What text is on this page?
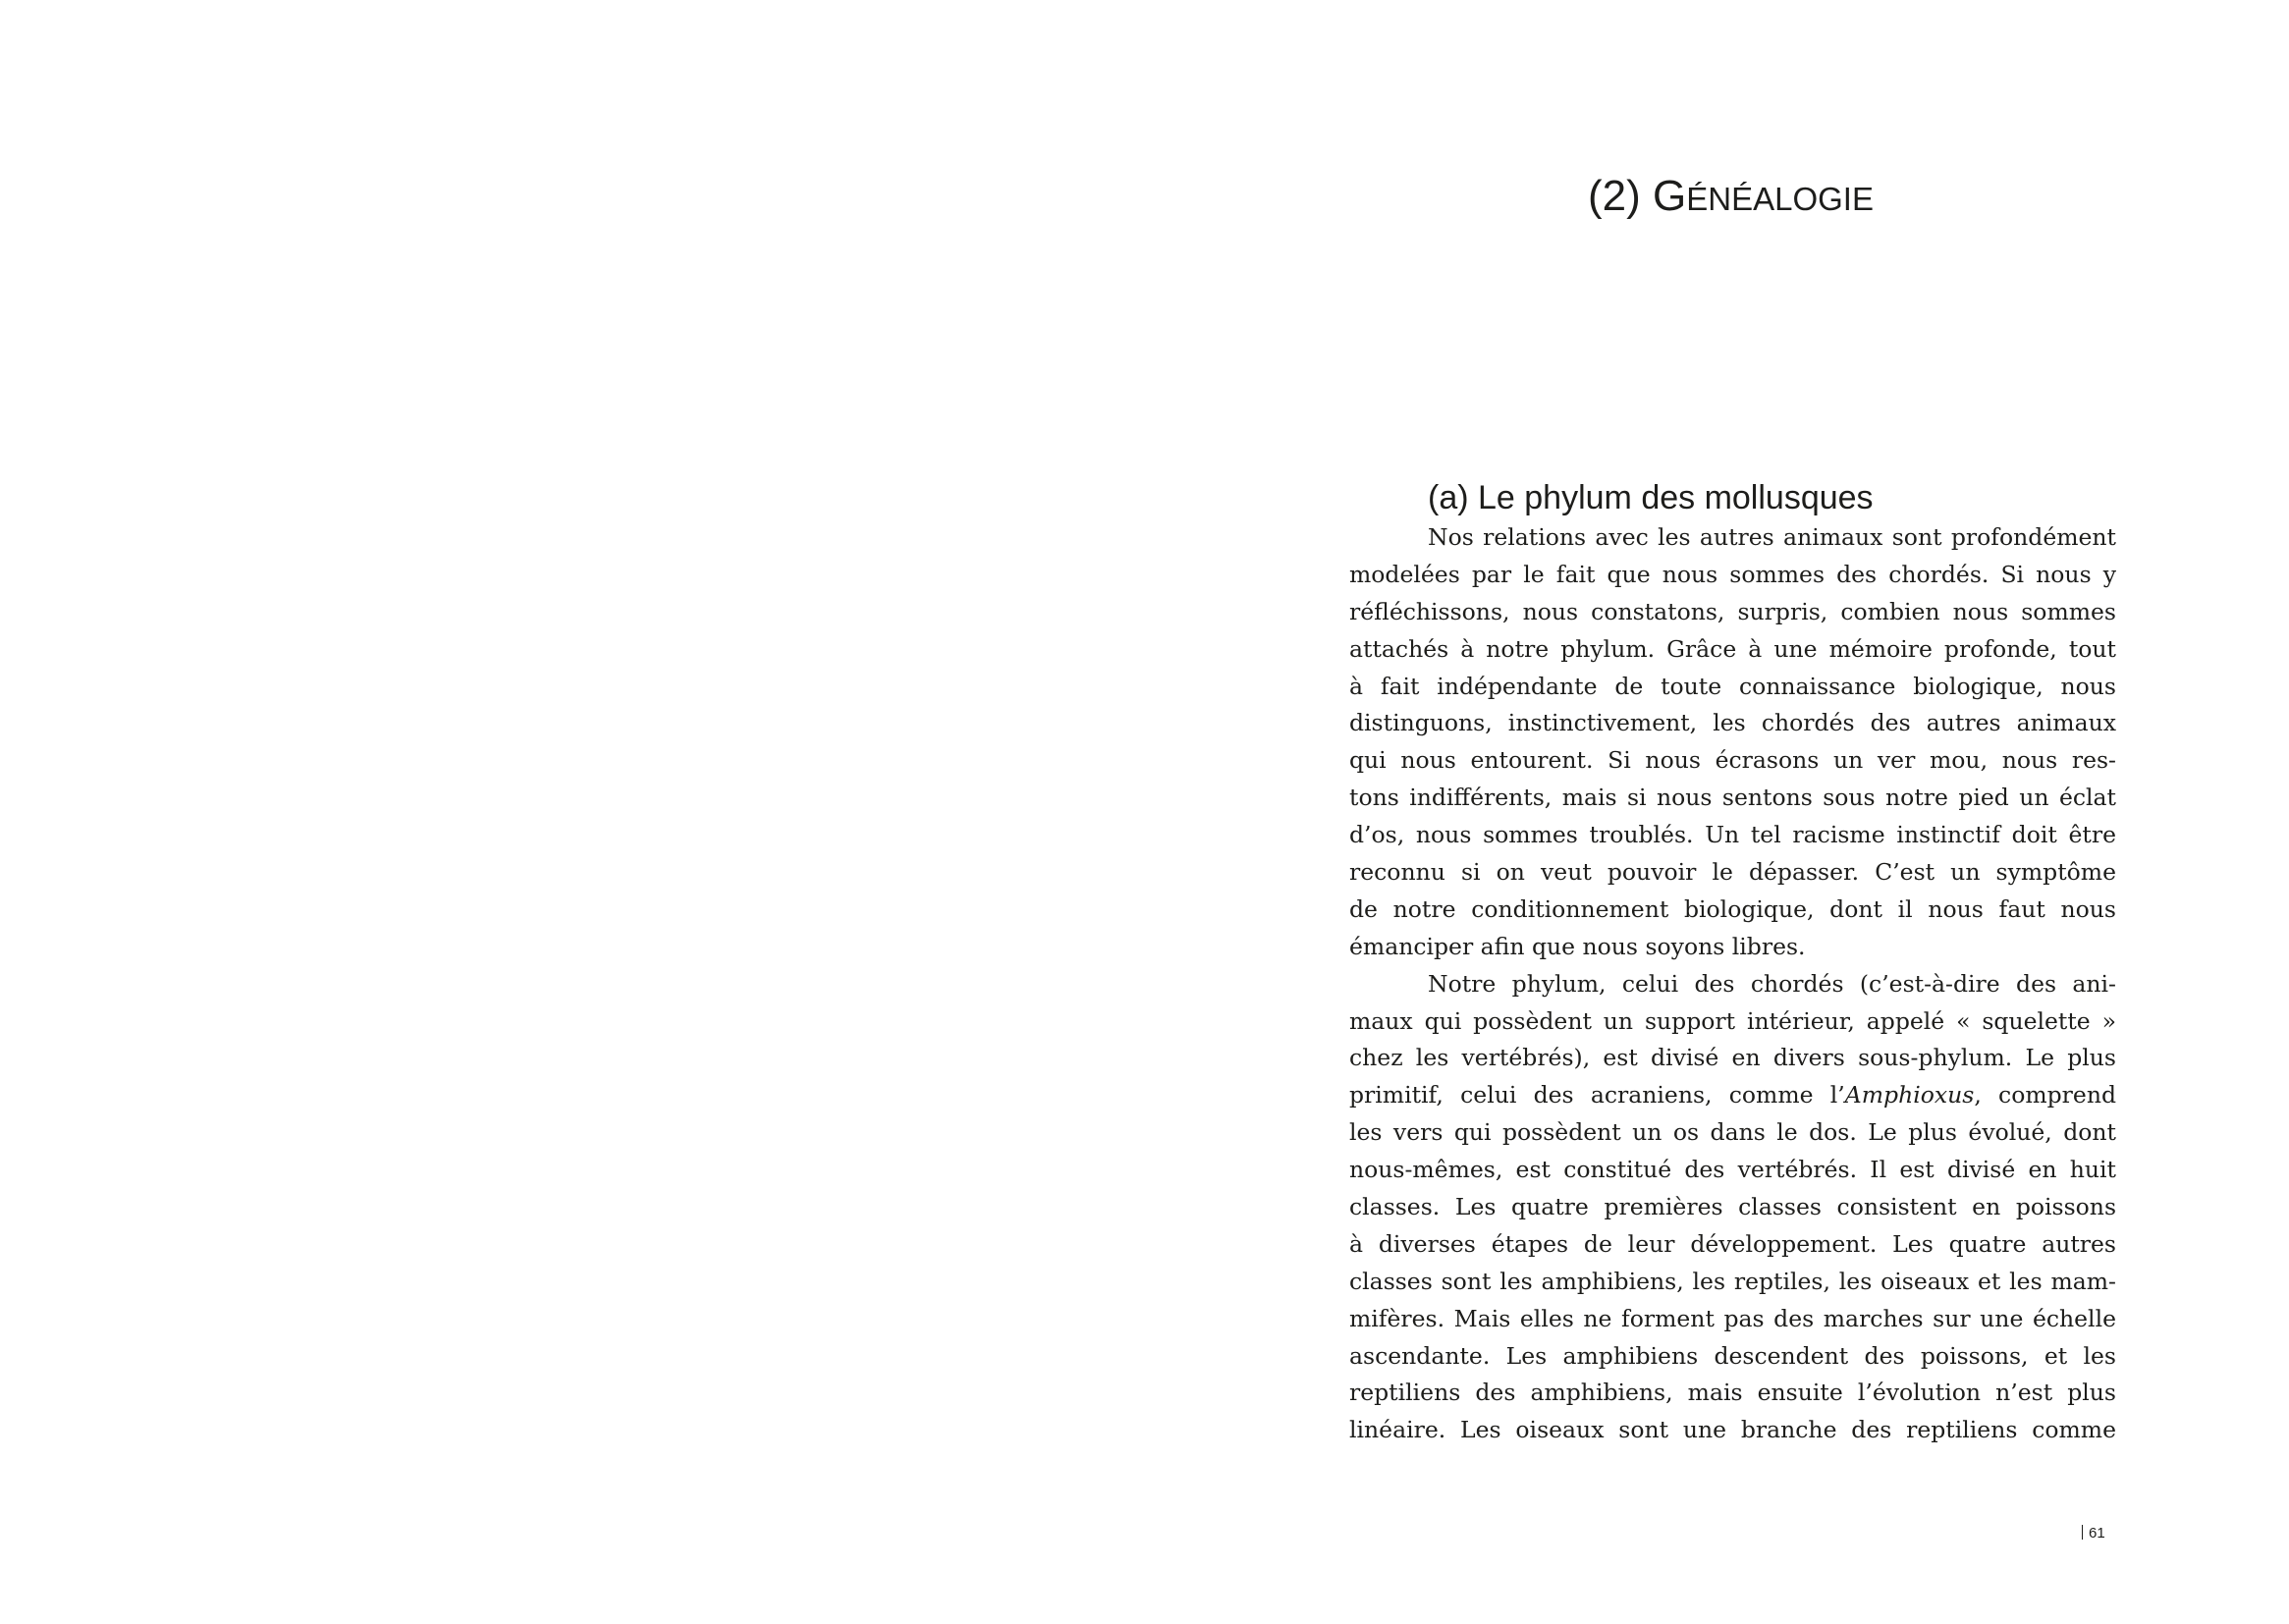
(2) GÉNÉALOGIE
(a) Le phylum des mollusques
Nos relations avec les autres animaux sont profondément
modelées par le fait que nous sommes des chordés. Si nous y
réfléchissons, nous constatons, surpris, combien nous sommes
attachés à notre phylum. Grâce à une mémoire profonde, tout
à fait indépendante de toute connaissance biologique, nous
distinguons, instinctivement, les chordés des autres animaux
qui nous entourent. Si nous écrasons un ver mou, nous res-
tons indifférents, mais si nous sentons sous notre pied un éclat
d’os, nous sommes troublés. Un tel racisme instinctif doit être
reconnu si on veut pouvoir le dépasser. C’est un symptôme
de notre conditionnement biologique, dont il nous faut nous
émanciper afin que nous soyons libres.
Notre phylum, celui des chordés (c’est-à-dire des ani-
maux qui possèdent un support intérieur, appelé « squelette »
chez les vertébrés), est divisé en divers sous-phylum. Le plus
primitif, celui des acraniens, comme l’Amphioxus, comprend
les vers qui possèdent un os dans le dos. Le plus évolué, dont
nous-mêmes, est constitué des vertébrés. Il est divisé en huit
classes. Les quatre premières classes consistent en poissons
à diverses étapes de leur développement. Les quatre autres
classes sont les amphibiens, les reptiles, les oiseaux et les mam-
mifères. Mais elles ne forment pas des marches sur une échelle
ascendante. Les amphibiens descendent des poissons, et les
reptiliens des amphibiens, mais ensuite l’évolution n’est plus
linéaire. Les oiseaux sont une branche des reptiliens comme
61
